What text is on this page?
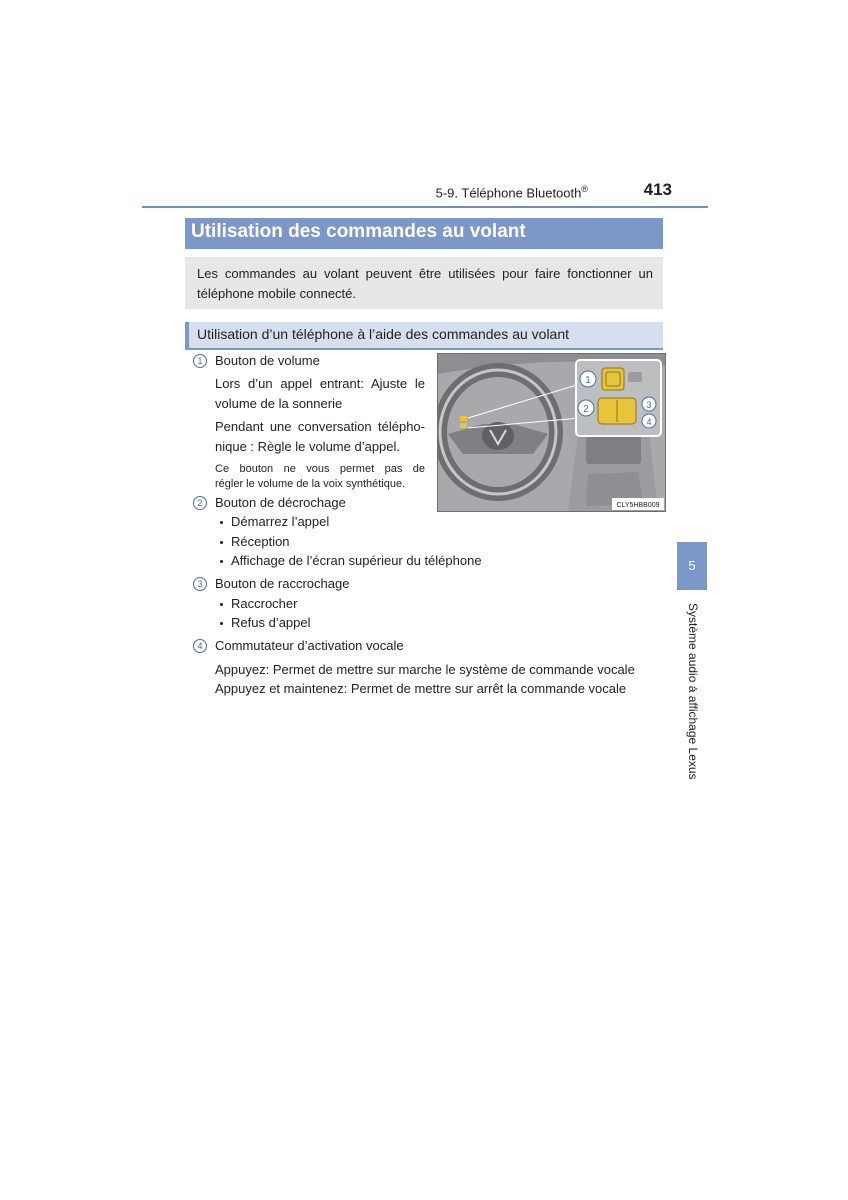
5-9. Téléphone Bluetooth®	413
Utilisation des commandes au volant
Les commandes au volant peuvent être utilisées pour faire fonctionner un
téléphone mobile connecté.
Utilisation d’un téléphone à l’aide des commandes au volant
1 Bouton de volume
Lors d’un appel entrant: Ajuste le
volume de la sonnerie
Pendant une conversation télépho-
nique : Règle le volume d’appel.
Ce bouton ne vous permet pas de
régler le volume de la voix synthétique.
2 Bouton de décrochage
Démarrez l’appel
Réception
Affichage de l’écran supérieur du téléphone
3 Bouton de raccrochage
Raccrocher
Refus d’appel
4 Commutateur d’activation vocale
Appuyez: Permet de mettre sur marche le système de commande vocale
Appuyez et maintenez: Permet de mettre sur arrêt la commande vocale
1
2	3
4
CLY5HBB009
5
Système audio à affichage Lexus
